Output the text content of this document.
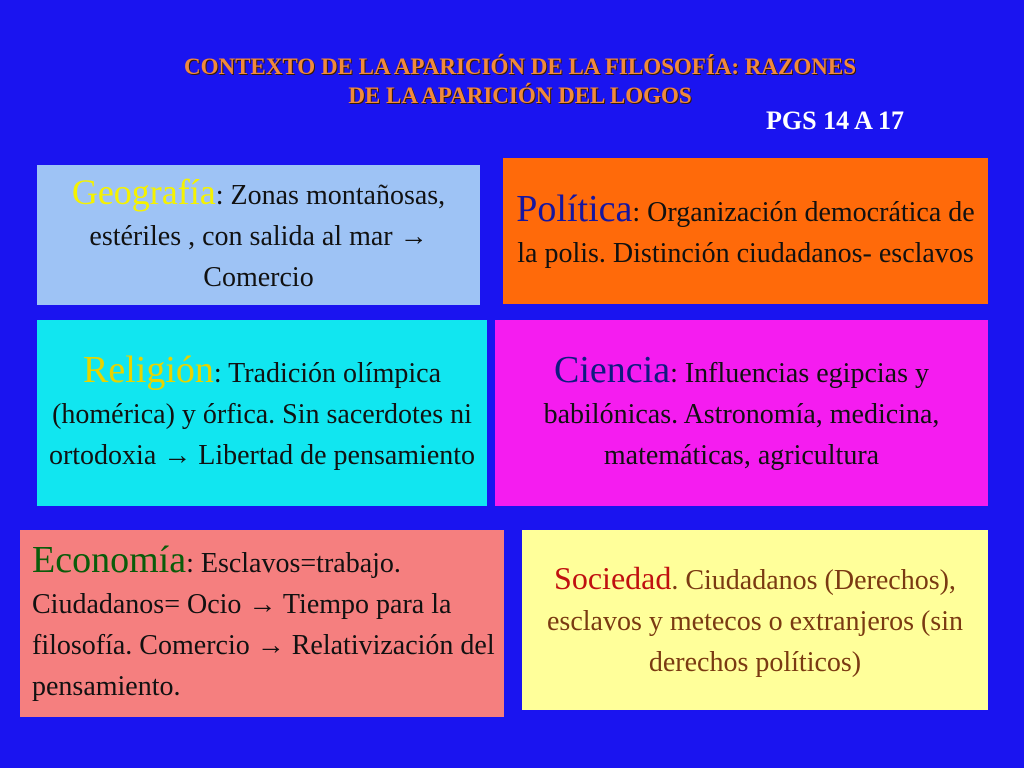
CONTEXTO DE LA APARICIÓN DE LA FILOSOFÍA: RAZONES
DE LA APARICIÓN DEL LOGOS
PGS 14 A 17
Geografía: Zonas montañosas, estériles , con salida al mar → Comercio
Política: Organización democrática de la polis. Distinción ciudadanos- esclavos
Religión: Tradición olímpica (homérica) y órfica. Sin sacerdotes ni ortodoxia → Libertad de pensamiento
Ciencia: Influencias egipcias y babilónicas. Astronomía, medicina, matemáticas, agricultura
Economía: Esclavos=trabajo. Ciudadanos= Ocio → Tiempo para la filosofía. Comercio → Relativización del pensamiento.
Sociedad. Ciudadanos (Derechos), esclavos y metecos o extranjeros (sin derechos políticos)
